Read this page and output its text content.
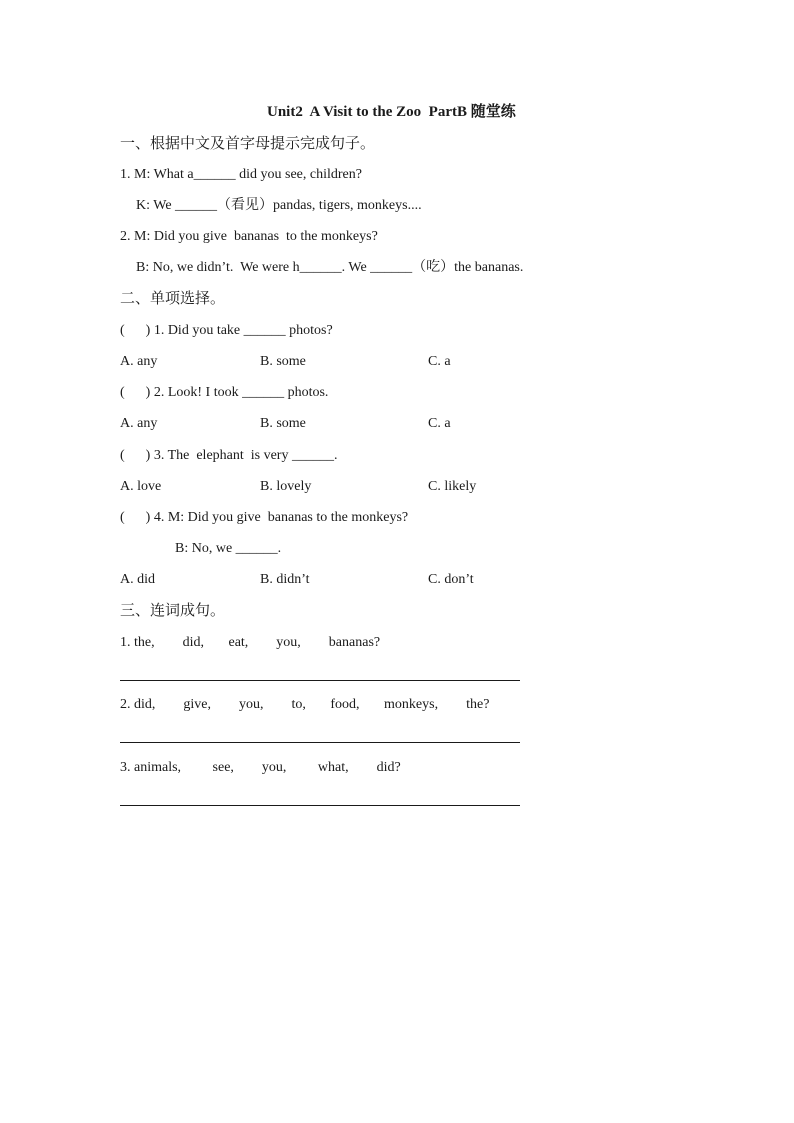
Unit2  A Visit to the Zoo  PartB 随堂练
一、根据中文及首字母提示完成句子。
1. M: What a______ did you see, children?
K: We ______（看见）pandas, tigers, monkeys....
2. M: Did you give  bananas  to the monkeys?
B: No, we didn’t.  We were h______. We ______（吃）the bananas.
二、单项选择。
(      ) 1. Did you take ______ photos?
A. any	B. some	C. a
(      ) 2. Look! I took ______ photos.
A. any	B. some	C. a
(      ) 3. The  elephant  is very ______.
A. love	B. lovely	C. likely
(      ) 4. M: Did you give  bananas to the monkeys?
B: No, we ______.
A. did	B. didn’t	C. don’t
三、连词成句。
1. the,        did,       eat,        you,        bananas?
2. did,        give,        you,        to,       food,       monkeys,        the?
3. animals,         see,        you,         what,        did?
